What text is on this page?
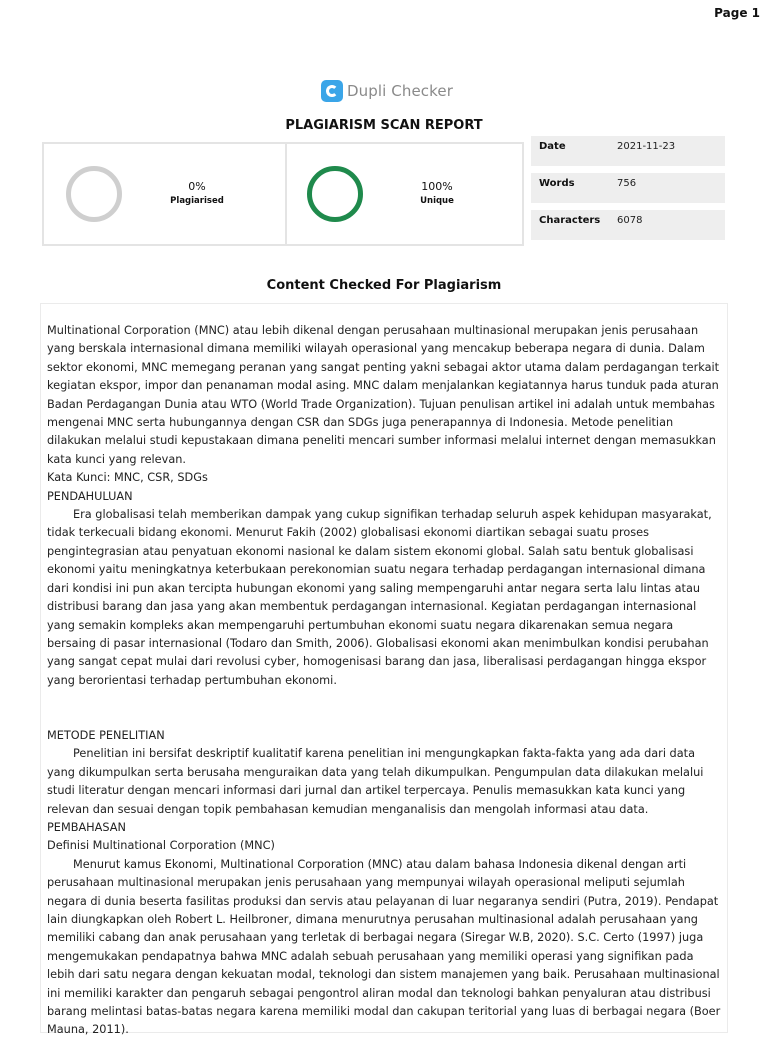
Page 1
Dupli Checker
PLAGIARISM SCAN REPORT
0%
Plagiarised
100%
Unique
Date	2021-11-23
Words	756
Characters 6078
Content Checked For Plagiarism

Multinational Corporation (MNC) atau lebih dikenal dengan perusahaan multinasional merupakan jenis perusahaan yang berskala internasional dimana memiliki wilayah operasional yang mencakup beberapa negara di dunia. Dalam sektor ekonomi, MNC memegang peranan yang sangat penting yakni sebagai aktor utama dalam perdagangan terkait kegiatan ekspor, impor dan penanaman modal asing. MNC dalam menjalankan kegiatannya harus tunduk pada aturan Badan Perdagangan Dunia atau WTO (World Trade Organization). Tujuan penulisan artikel ini adalah untuk membahas mengenai MNC serta hubungannya dengan CSR dan SDGs juga penerapannya di Indonesia. Metode penelitian dilakukan melalui studi kepustakaan dimana peneliti mencari sumber informasi melalui internet dengan memasukkan kata kunci yang relevan.

Kata Kunci: MNC, CSR, SDGs

PENDAHULUAN

Era globalisasi telah memberikan dampak yang cukup signifikan terhadap seluruh aspek kehidupan masyarakat, tidak terkecuali bidang ekonomi. Menurut Fakih (2002) globalisasi ekonomi diartikan sebagai suatu proses pengintegrasian atau penyatuan ekonomi nasional ke dalam sistem ekonomi global. Salah satu bentuk globalisasi ekonomi yaitu meningkatnya keterbukaan perekonomian suatu negara terhadap perdagangan internasional dimana dari kondisi ini pun akan tercipta hubungan ekonomi yang saling mempengaruhi antar negara serta lalu lintas atau distribusi barang dan jasa yang akan membentuk perdagangan internasional. Kegiatan perdagangan internasional yang semakin kompleks akan mempengaruhi pertumbuhan ekonomi suatu negara dikarenakan semua negara bersaing di pasar internasional (Todaro dan Smith, 2006). Globalisasi ekonomi akan menimbulkan kondisi perubahan yang sangat cepat mulai dari revolusi cyber, homogenisasi barang dan jasa, liberalisasi perdagangan hingga ekspor yang berorientasi terhadap pertumbuhan ekonomi.

METODE PENELITIAN

Penelitian ini bersifat deskriptif kualitatif karena penelitian ini mengungkapkan fakta-fakta yang ada dari data yang dikumpulkan serta berusaha menguraikan data yang telah dikumpulkan. Pengumpulan data dilakukan melalui studi literatur dengan mencari informasi dari jurnal dan artikel terpercaya. Penulis memasukkan kata kunci yang relevan dan sesuai dengan topik pembahasan kemudian menganalisis dan mengolah informasi atau data.

PEMBAHASAN

Definisi Multinational Corporation (MNC)

Menurut kamus Ekonomi, Multinational Corporation (MNC) atau dalam bahasa Indonesia dikenal dengan arti perusahaan multinasional merupakan jenis perusahaan yang mempunyai wilayah operasional meliputi sejumlah negara di dunia beserta fasilitas produksi dan servis atau pelayanan di luar negaranya sendiri (Putra, 2019). Pendapat lain diungkapkan oleh Robert L. Heilbroner, dimana menurutnya perusahan multinasional adalah perusahaan yang memiliki cabang dan anak perusahaan yang terletak di berbagai negara (Siregar W.B, 2020). S.C. Certo (1997) juga mengemukakan pendapatnya bahwa MNC adalah sebuah perusahaan yang memiliki operasi yang signifikan pada lebih dari satu negara dengan kekuatan modal, teknologi dan sistem manajemen yang baik. Perusahaan multinasional ini memiliki karakter dan pengaruh sebagai pengontrol aliran modal dan teknologi bahkan penyaluran atau distribusi barang melintasi batas-batas negara karena memiliki modal dan cakupan teritorial yang luas di berbagai negara (Boer Mauna, 2011).
